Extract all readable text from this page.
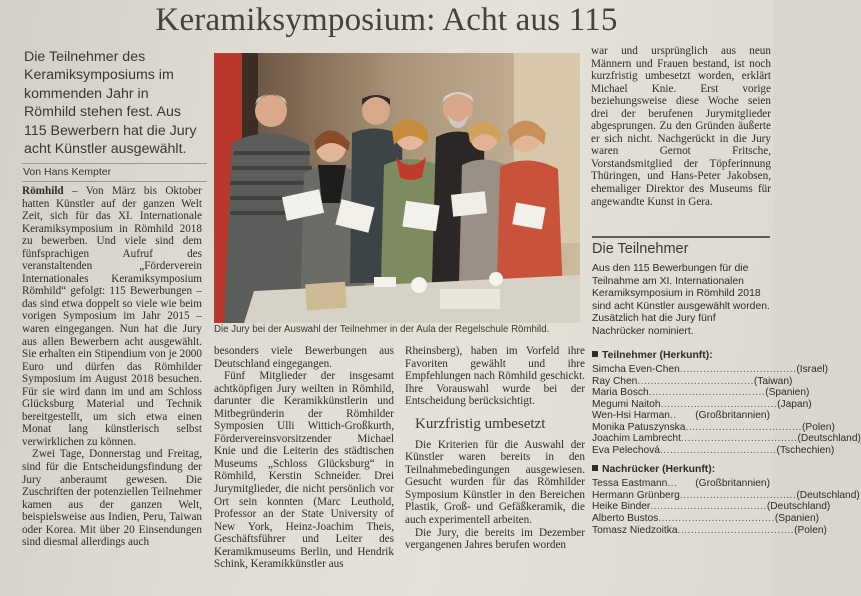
Keramiksymposium: Acht aus 115
Die Teilnehmer des Keramiksymposiums im kommenden Jahr in Römhild stehen fest. Aus 115 Bewerbern hat die Jury acht Künstler ausgewählt.
Von Hans Kempter

Römhild – Von März bis Oktober hatten Künstler auf der ganzen Welt Zeit, sich für das XI. Internationale Keramiksymposium in Römhild 2018 zu bewerben. Und viele sind dem fünfsprachigen Aufruf des veranstaltenden „Förderverein Internationales Keramiksymposium Römhild“ gefolgt: 115 Bewerbungen – das sind etwa doppelt so viele wie beim vorigen Symposium im Jahr 2015 – waren eingegangen. Nun hat die Jury aus allen Bewerbern acht ausgewählt. Sie erhalten ein Stipendium von je 2000 Euro und dürfen das Römhilder Symposium im August 2018 besuchen. Für sie wird dann im und am Schloss Glücksburg Material und Technik bereitgestellt, um sich etwa einen Monat lang künstlerisch selbst verwirklichen zu können.

Zwei Tage, Donnerstag und Freitag, sind für die Entscheidungsfindung der Jury anberaumt gewesen. Die Zuschriften der potenziellen Teilnehmer kamen aus der ganzen Welt, beispielsweise aus Indien, Peru, Taiwan oder Korea. Mit über 20 Einsendungen sind diesmal allerdings auch

Die Jury bei der Auswahl der Teilnehmer in der Aula der Regelschule Römhild.

besonders viele Bewerbungen aus Deutschland eingegangen.

Fünf Mitglieder der insgesamt achtköpfigen Jury weilten in Römhild, darunter die Keramikkünstlerin und Mitbegründerin der Römhilder Symposien Ulli Wittich-Großkurth, Fördervereinsvorsitzender Michael Knie und die Leiterin des städtischen Museums „Schloss Glücksburg“ in Römhild, Kerstin Schneider. Drei Jurymitglieder, die nicht persönlich vor Ort sein konnten (Marc Leuthold, Professor an der State University of New York, Heinz-Joachim Theis, Geschäftsführer und Leiter des Keramikmuseums Berlin, und Hendrik Schink, Keramikkünstler aus

Rheinsberg), haben im Vorfeld ihre Favoriten gewählt und ihre Empfehlungen nach Römhild geschickt. Ihre Vorauswahl wurde bei der Entscheidung berücksichtigt.

Kurzfristig umbesetzt

Die Kriterien für die Auswahl der Künstler waren bereits in den Teilnahmebedingungen ausgewiesen. Gesucht wurden für das Römhilder Symposium Künstler in den Bereichen Plastik, Groß- und Gefäßkeramik, die auch experimentell arbeiten.

Die Jury, die bereits im Dezember vergangenen Jahres berufen worden

war und ursprünglich aus neun Männern und Frauen bestand, ist noch kurzfristig umbesetzt worden, erklärt Michael Knie. Erst vorige beziehungsweise diese Woche seien drei der berufenen Jurymitglieder abgesprungen. Zu den Gründen äußerte er sich nicht. Nachgerückt in die Jury waren Gernot Fritsche, Vorstandsmitglied der Töpferinnung Thüringen, und Hans-Peter Jakobsen, ehemaliger Direktor des Museums für angewandte Kunst in Gera.

Die Teilnehmer
Aus den 115 Bewerbungen für die Teilnahme am XI. Internationalen Keramiksymposium in Römhild 2018 sind acht Künstler ausgewählt worden. Zusätzlich hat die Jury fünf Nachrücker nominiert.
Teilnehmer (Herkunft):
Simcha Even-Chen ................................... (Israel)
Ray Chen ................................... (Taiwan)
Maria Bosch ................................... (Spanien)
Megumi Naitoh ................................... (Japan)
Wen-Hsi Harman ..	(Großbritannien)
Monika Patuszynska ................................... (Polen)
Joachim Lambrecht ................................... (Deutschland)
Eva Pelechová ................................... (Tschechien)
Nachrücker (Herkunft):
Tessa Eastmann ...	(Großbritannien)
Hermann Grünberg ................................... (Deutschland)
Heike Binder ................................... (Deutschland)
Alberto Bustos ................................... (Spanien)
Tomasz Niedzoitka ................................... (Polen)
